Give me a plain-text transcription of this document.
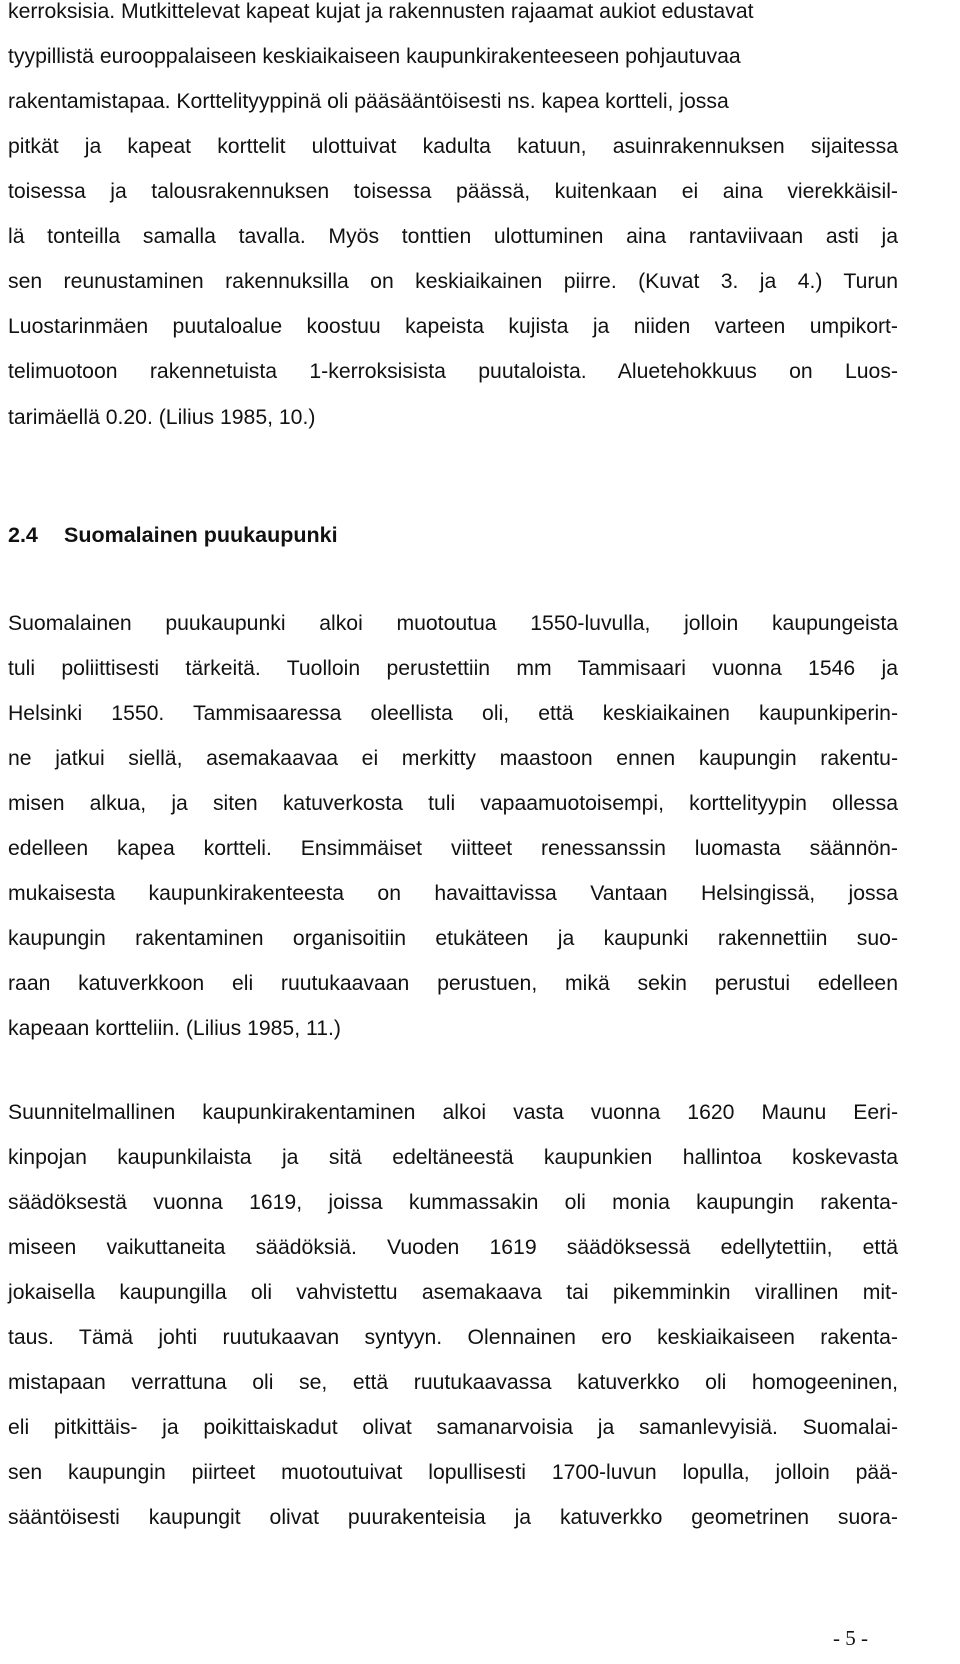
kerroksisia. Mutkittelevat kapeat kujat ja rakennusten rajaamat aukiot edustavat

tyypillistä eurooppalaiseen keskiaikaiseen kaupunkirakenteeseen pohjautuvaa

rakentamistapaa. Korttelityyppinä oli pääsääntöisesti ns. kapea kortteli, jossa

pitkät ja kapeat korttelit ulottuivat kadulta katuun, asuinrakennuksen sijaitessa

toisessa ja talousrakennuksen toisessa päässä, kuitenkaan ei aina vierekkäisil-

lä tonteilla samalla tavalla. Myös tonttien ulottuminen aina rantaviivaan asti ja

sen reunustaminen rakennuksilla on keskiaikainen piirre. (Kuvat 3. ja 4.) Turun

Luostarinmäen puutaloalue koostuu kapeista kujista ja niiden varteen umpikort-

telimuotoon rakennetuista 1-kerroksisista puutaloista. Aluetehokkuus on Luos-

tarimäellä 0.20. (Lilius 1985, 10.)

2.4 Suomalainen puukaupunki

Suomalainen puukaupunki alkoi muotoutua 1550-luvulla, jolloin kaupungeista

tuli poliittisesti tärkeitä. Tuolloin perustettiin mm Tammisaari vuonna 1546 ja

Helsinki 1550. Tammisaaressa oleellista oli, että keskiaikainen kaupunkiperin-

ne jatkui siellä, asemakaavaa ei merkitty maastoon ennen kaupungin rakentu-

misen alkua, ja siten katuverkosta tuli vapaamuotoisempi, korttelityypin ollessa

edelleen kapea kortteli. Ensimmäiset viitteet renessanssin luomasta säännön-

mukaisesta kaupunkirakenteesta on havaittavissa Vantaan Helsingissä, jossa

kaupungin rakentaminen organisoitiin etukäteen ja kaupunki rakennettiin suo-

raan katuverkkoon eli ruutukaavaan perustuen, mikä sekin perustui edelleen

kapeaan kortteliin. (Lilius 1985, 11.)

Suunnitelmallinen kaupunkirakentaminen alkoi vasta vuonna 1620 Maunu Eeri-

kinpojan kaupunkilaista ja sitä edeltäneestä kaupunkien hallintoa koskevasta

säädöksestä vuonna 1619, joissa kummassakin oli monia kaupungin rakenta-

miseen vaikuttaneita säädöksiä. Vuoden 1619 säädöksessä edellytettiin, että

jokaisella kaupungilla oli vahvistettu asemakaava tai pikemminkin virallinen mit-

taus. Tämä johti ruutukaavan syntyyn. Olennainen ero keskiaikaiseen rakenta-

mistapaan verrattuna oli se, että ruutukaavassa katuverkko oli homogeeninen,

eli pitkittäis- ja poikittaiskadut olivat samanarvoisia ja samanlevyisiä. Suomalai-

sen kaupungin piirteet muotoutuivat lopullisesti 1700-luvun lopulla, jolloin pää-

sääntöisesti kaupungit olivat puurakenteisia ja katuverkko geometrinen suora-

- 5 -
